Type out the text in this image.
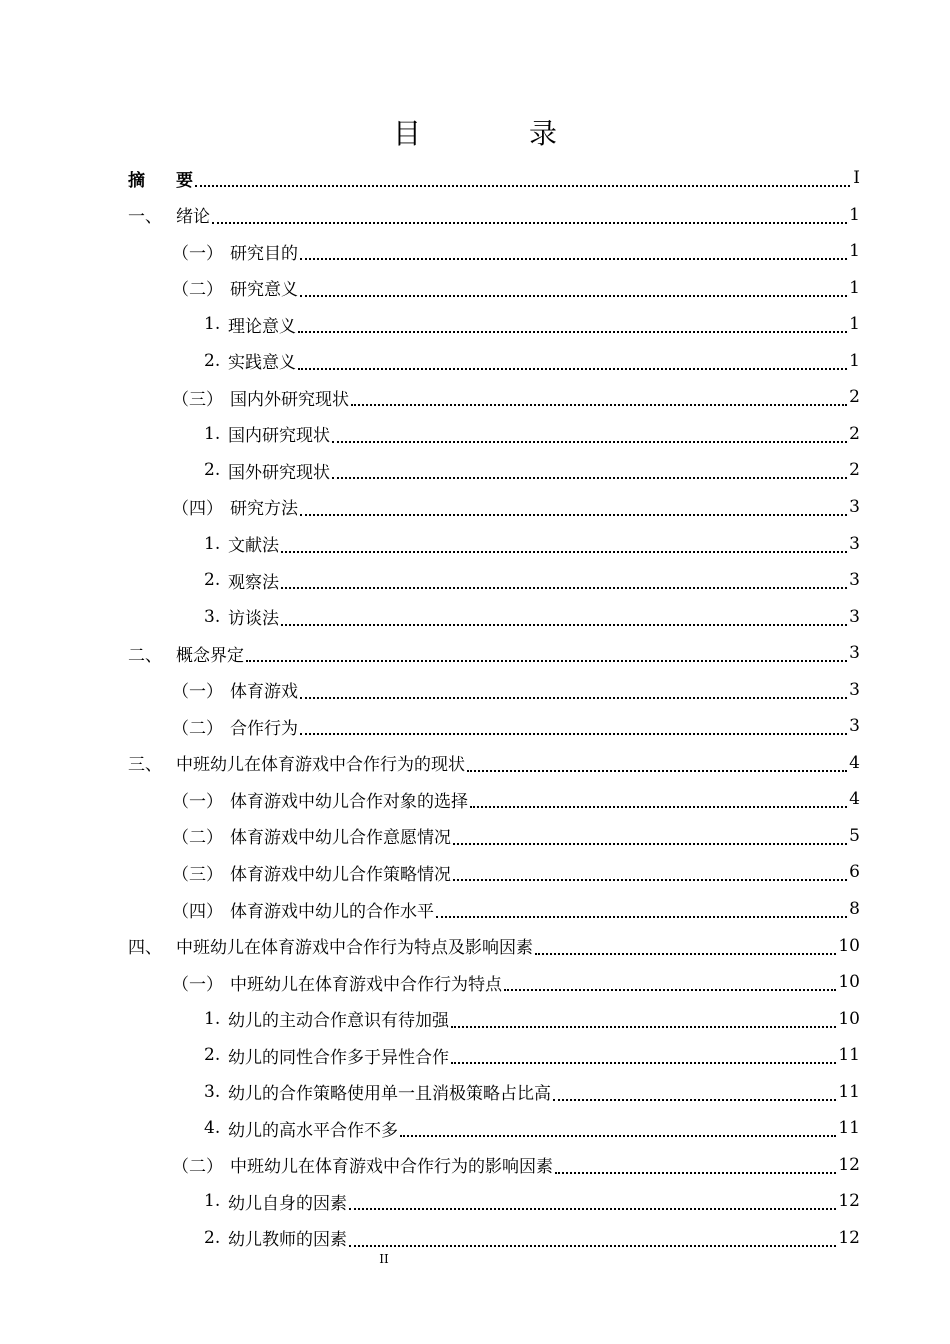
目　录
摘	要	I
一、 绪论	1
（一） 研究目的	1
（二） 研究意义	1
1. 理论意义	1
2. 实践意义	1
（三） 国内外研究现状	2
1. 国内研究现状	2
2. 国外研究现状	2
（四） 研究方法	3
1. 文献法	3
2. 观察法	3
3. 访谈法	3
二、 概念界定	3
（一） 体育游戏	3
（二） 合作行为	3
三、 中班幼儿在体育游戏中合作行为的现状	4
（一） 体育游戏中幼儿合作对象的选择	4
（二） 体育游戏中幼儿合作意愿情况	5
（三） 体育游戏中幼儿合作策略情况	6
（四） 体育游戏中幼儿的合作水平	8
四、 中班幼儿在体育游戏中合作行为特点及影响因素	10
（一） 中班幼儿在体育游戏中合作行为特点	10
1. 幼儿的主动合作意识有待加强	10
2. 幼儿的同性合作多于异性合作	11
3. 幼儿的合作策略使用单一且消极策略占比高	11
4. 幼儿的高水平合作不多	11
（二） 中班幼儿在体育游戏中合作行为的影响因素	12
1. 幼儿自身的因素	12
2. 幼儿教师的因素	12
II
